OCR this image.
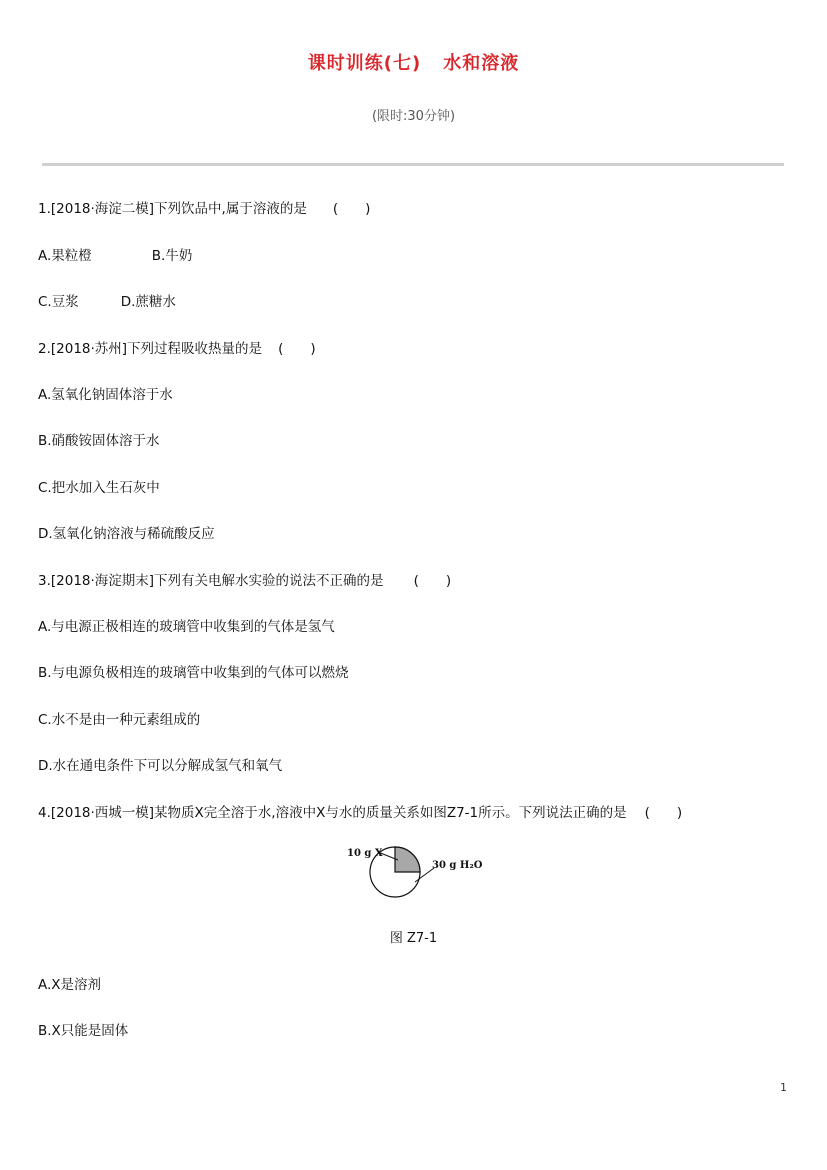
课时训练(七) 水和溶液
(限时:30分钟)
1.[2018·海淀二模]下列饮品中,属于溶液的是 (　　)
A.果粒橙	B.牛奶
C.豆浆	D.蔗糖水
2.[2018·苏州]下列过程吸收热量的是 (　　)
A.氢氧化钠固体溶于水
B.硝酸铵固体溶于水
C.把水加入生石灰中
D.氢氧化钠溶液与稀硫酸反应
3.[2018·海淀期末]下列有关电解水实验的说法不正确的是 (　　)
A.与电源正极相连的玻璃管中收集到的气体是氢气
B.与电源负极相连的玻璃管中收集到的气体可以燃烧
C.水不是由一种元素组成的
D.水在通电条件下可以分解成氢气和氧气
4.[2018·西城一模]某物质X完全溶于水,溶液中X与水的质量关系如图Z7-1所示。下列说法正确的是 (　　)
10 g X
30 g H₂O
图 Z7-1
A.X是溶剂
B.X只能是固体
1
